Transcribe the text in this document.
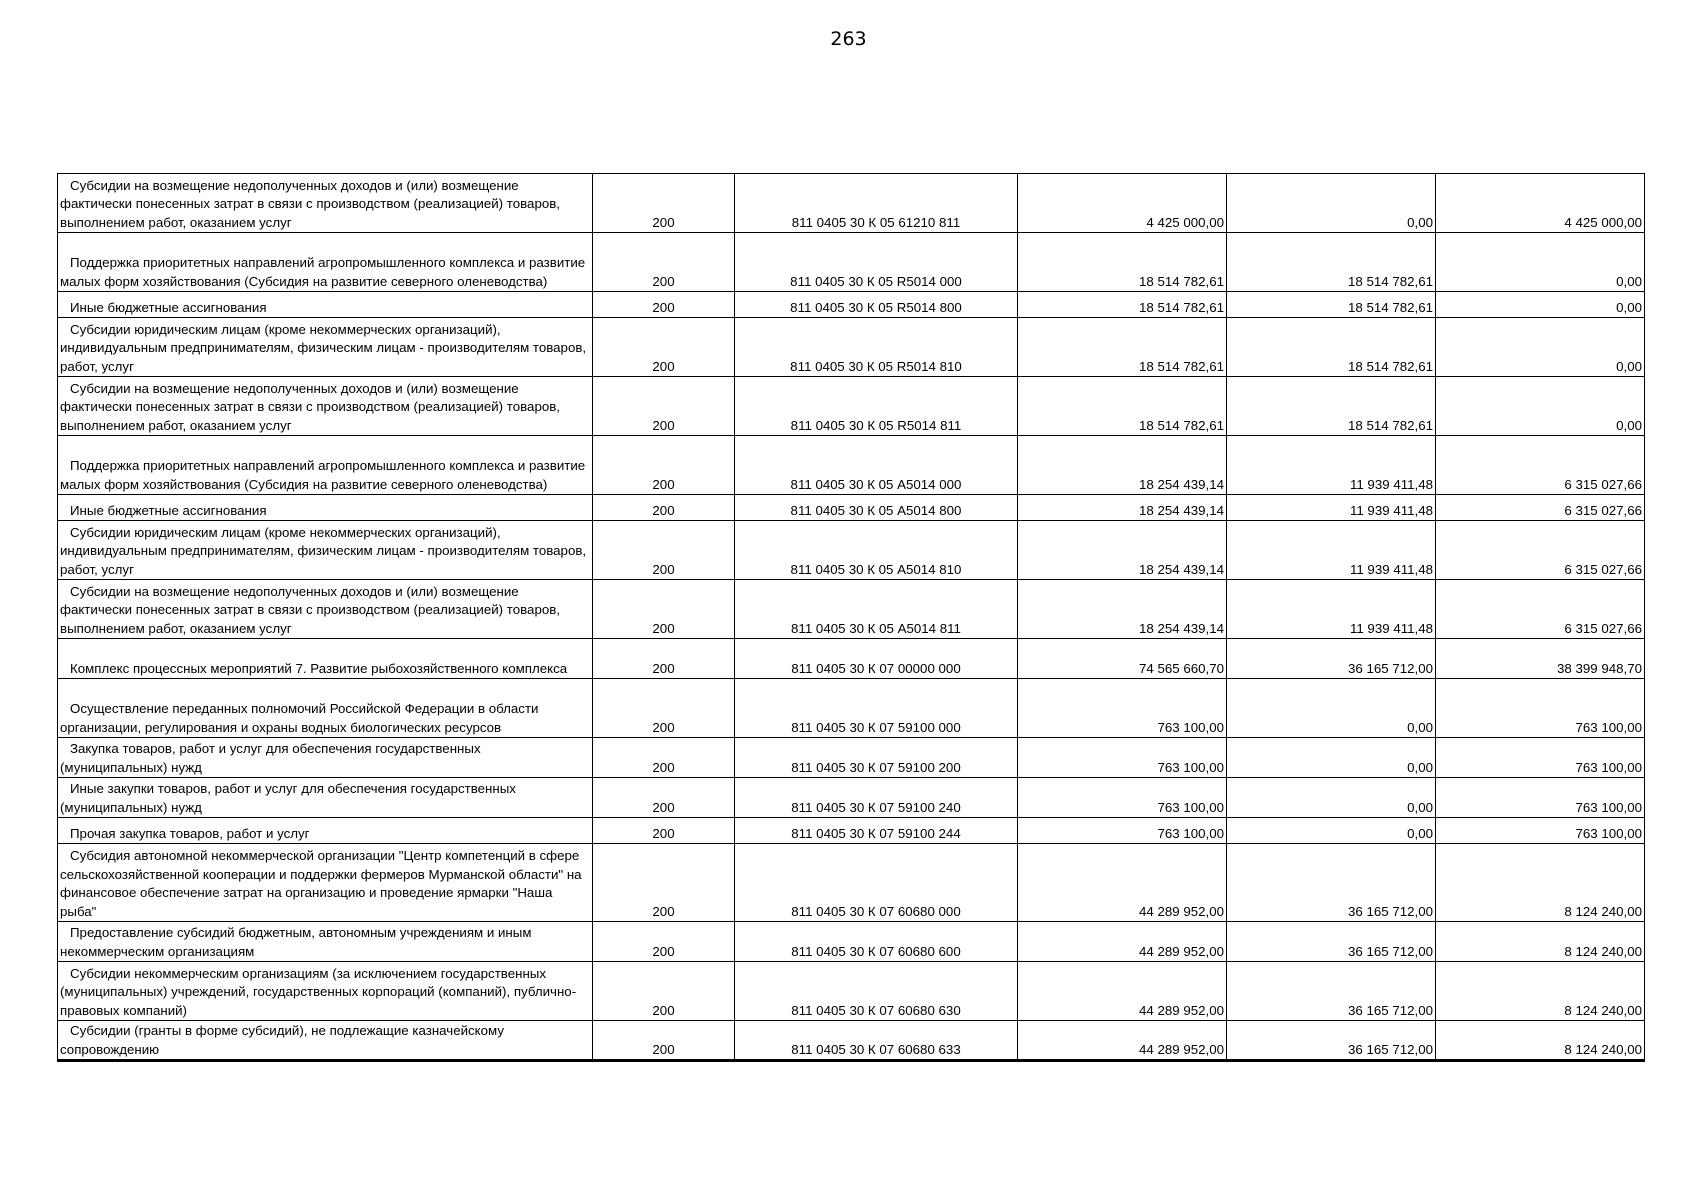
263
Субсидии на возмещение недополученных доходов и (или) возмещение фактически понесенных затрат в связи с производством (реализацией) товаров, выполнением работ, оказанием услуг	200	811 0405 30 К 05 61210 811	4 425 000,00	0,00	4 425 000,00

Поддержка приоритетных направлений агропромышленного комплекса и развитие малых форм хозяйствования (Субсидия на развитие северного оленеводства)	200	811 0405 30 К 05 R5014 000	18 514 782,61	18 514 782,61	0,00

Иные бюджетные ассигнования	200	811 0405 30 К 05 R5014 800	18 514 782,61	18 514 782,61	0,00

Субсидии юридическим лицам (кроме некоммерческих организаций), индивидуальным предпринимателям, физическим лицам - производителям товаров, работ, услуг	200	811 0405 30 К 05 R5014 810	18 514 782,61	18 514 782,61	0,00

Субсидии на возмещение недополученных доходов и (или) возмещение фактически понесенных затрат в связи с производством (реализацией) товаров, выполнением работ, оказанием услуг	200	811 0405 30 К 05 R5014 811	18 514 782,61	18 514 782,61	0,00

Поддержка приоритетных направлений агропромышленного комплекса и развитие малых форм хозяйствования (Субсидия на развитие северного оленеводства)	200	811 0405 30 К 05 А5014 000	18 254 439,14	11 939 411,48	6 315 027,66

Иные бюджетные ассигнования	200	811 0405 30 К 05 А5014 800	18 254 439,14	11 939 411,48	6 315 027,66

Субсидии юридическим лицам (кроме некоммерческих организаций), индивидуальным предпринимателям, физическим лицам - производителям товаров, работ, услуг	200	811 0405 30 К 05 А5014 810	18 254 439,14	11 939 411,48	6 315 027,66

Субсидии на возмещение недополученных доходов и (или) возмещение фактически понесенных затрат в связи с производством (реализацией) товаров, выполнением работ, оказанием услуг	200	811 0405 30 К 05 А5014 811	18 254 439,14	11 939 411,48	6 315 027,66

Комплекс процессных мероприятий 7. Развитие рыбохозяйственного комплекса	200	811 0405 30 К 07 00000 000	74 565 660,70	36 165 712,00	38 399 948,70

Осуществление переданных полномочий Российской Федерации в области организации, регулирования и охраны водных биологических ресурсов	200	811 0405 30 К 07 59100 000	763 100,00	0,00	763 100,00

Закупка товаров, работ и услуг для обеспечения государственных (муниципальных) нужд	200	811 0405 30 К 07 59100 200	763 100,00	0,00	763 100,00

Иные закупки товаров, работ и услуг для обеспечения государственных (муниципальных) нужд	200	811 0405 30 К 07 59100 240	763 100,00	0,00	763 100,00

Прочая закупка товаров, работ и услуг	200	811 0405 30 К 07 59100 244	763 100,00	0,00	763 100,00

Субсидия автономной некоммерческой организации "Центр компетенций в сфере сельскохозяйственной кооперации и поддержки фермеров Мурманской области" на финансовое обеспечение затрат на организацию и проведение ярмарки "Наша рыба"	200	811 0405 30 К 07 60680 000	44 289 952,00	36 165 712,00	8 124 240,00

Предоставление субсидий бюджетным, автономным учреждениям и иным некоммерческим организациям	200	811 0405 30 К 07 60680 600	44 289 952,00	36 165 712,00	8 124 240,00

Субсидии некоммерческим организациям (за исключением государственных (муниципальных) учреждений, государственных корпораций (компаний), публично-правовых компаний)	200	811 0405 30 К 07 60680 630	44 289 952,00	36 165 712,00	8 124 240,00

Субсидии (гранты в форме субсидий), не подлежащие казначейскому сопровождению	200	811 0405 30 К 07 60680 633	44 289 952,00	36 165 712,00	8 124 240,00
